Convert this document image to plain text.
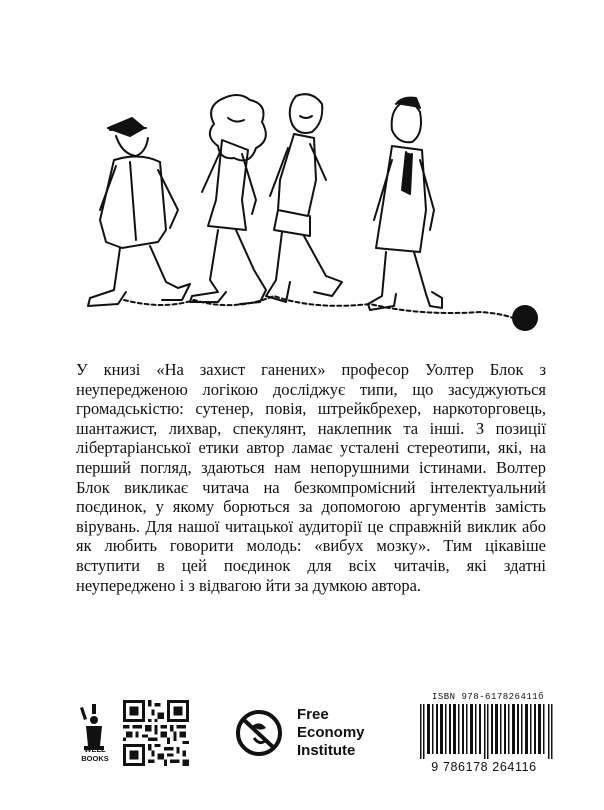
У книзі «На захист ганених» професор Уолтер Блок з неупередженою логікою досліджує типи, що засуджуються громадськістю: сутенер, повія, штрейкбрехер, наркоторговець, шантажист, лихвар, спекулянт, наклепник та інші. З позиції лібертаріанської етики автор ламає усталені стереотипи, які, на перший погляд, здаються нам непорушними істинами. Волтер Блок викликає читача на безкомпромісний інтелектуальний поєдинок, у якому борються за допомогою аргументів замість вірувань. Для нашої читацької аудиторії це справжній виклик або як любить говорити молодь: «вибух мозку». Тим цікавіше вступити в цей поєдинок для всіх читачів, які здатні неупереджено і з відвагою йти за думкою автора.

WELL
BOOKS
Free
Economy
Institute
ISBN 978-617826411б
9 786178 264116
